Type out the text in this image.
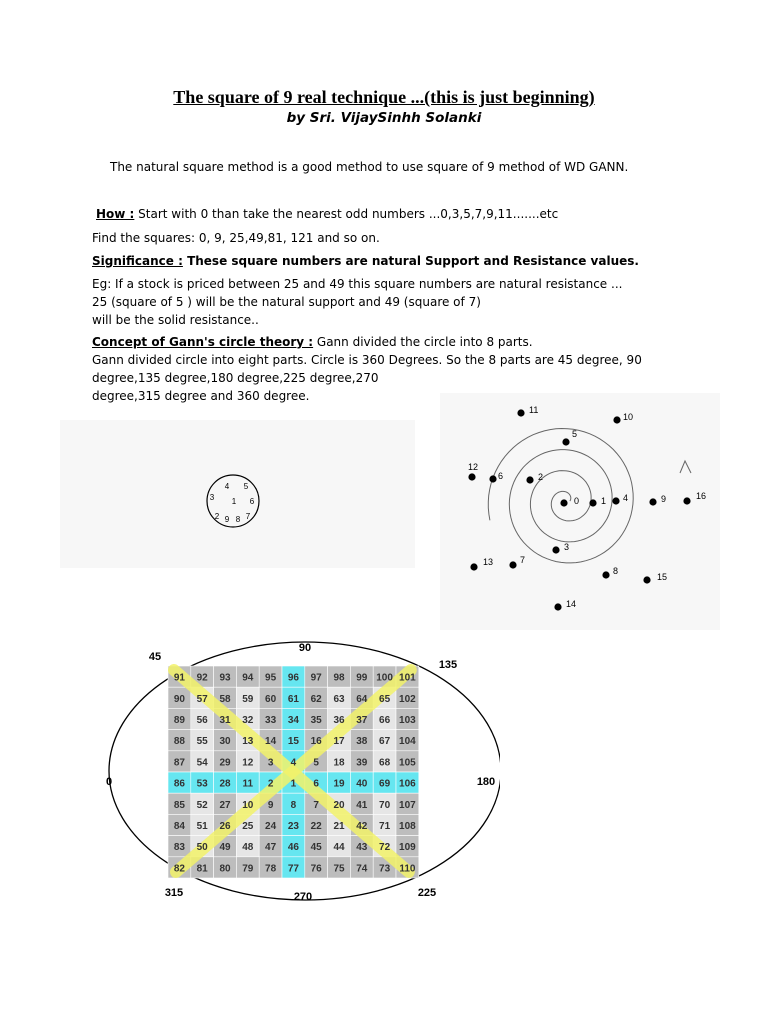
The square of 9 real technique ...(this is just beginning)
by Sri. VijaySinhh Solanki
The natural square method is a good method to use square of 9 method of WD GANN.
How : Start with 0 than take the nearest odd numbers ...0,3,5,7,9,11.......etc
Find the squares: 0, 9, 25,49,81, 121 and so on.
Significance : These square numbers are natural Support and Resistance values.
Eg: If a stock is priced between 25 and 49 this square numbers are natural resistance ...
25 (square of 5 ) will be the natural support and 49 (square of 7)
will be the solid resistance..
Concept of Gann's circle theory : Gann divided the circle into 8 parts.
Gann divided circle into eight parts. Circle is 360 Degrees. So the 8 parts are 45 degree, 90
degree,135 degree,180 degree,225 degree,270
degree,315 degree and 360 degree.
4 5
3 1 6
2 9 8 7
0 1
2
3
4
5
6
7
8
9
10
11
12
13
14
15
16
91 92 93 94 95 96 97 98 99 100 101
90 57 58 59 60 61 62 63 64 65 102
89 56 31 32 33 34 35 36 37 66 103
88 55 30 13 14 15 16 17 38 67 104
87 54 29 12 3 4 5 18 39 68 105
86 53 28 11 2 1 6 19 40 69 106
85 52 27 10 9 8 7 20 41 70 107
84 51 26 25 24 23 22 21 42 71 108
83 50 49 48 47 46 45 44 43 72 109
82 81 80 79 78 77 76 75 74 73 110
45
90
135
0	180
315	270	225
